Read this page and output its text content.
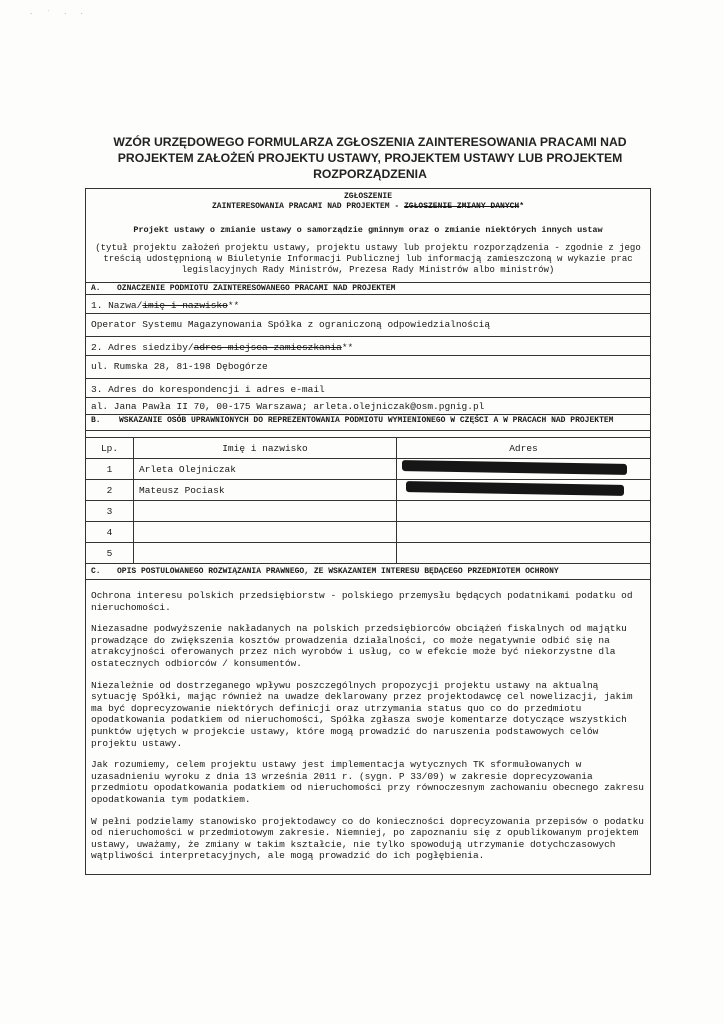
· ˙ · ·
WZÓR URZĘDOWEGO FORMULARZA ZGŁOSZENIA ZAINTERESOWANIA PRACAMI NAD
PROJEKTEM ZAŁOŻEŃ PROJEKTU USTAWY, PROJEKTEM USTAWY LUB PROJEKTEM
ROZPORZĄDZENIA
ZGŁOSZENIE
ZAINTERESOWANIA PRACAMI NAD PROJEKTEM - ZGŁOSZENIE ZMIANY DANYCH*
Projekt ustawy o zmianie ustawy o samorządzie gminnym oraz o zmianie niektórych innych ustaw
(tytuł projektu założeń projektu ustawy, projektu ustawy lub projektu rozporządzenia - zgodnie z jego treścią udostępnioną w Biuletynie Informacji Publicznej lub informacją zamieszczoną w wykazie prac legislacyjnych Rady Ministrów, Prezesa Rady Ministrów albo ministrów)
A. OZNACZENIE PODMIOTU ZAINTERESOWANEGO PRACAMI NAD PROJEKTEM
1. Nazwa/imię i nazwisko**
Operator Systemu Magazynowania Spółka z ograniczoną odpowiedzialnością
2. Adres siedziby/adres miejsca zamieszkania**
ul. Rumska 28, 81-198 Dębogórze
3. Adres do korespondencji i adres e-mail
al. Jana Pawła II 70, 00-175 Warszawa; arleta.olejniczak@osm.pgnig.pl
B.	WSKAZANIE OSÓB UPRAWNIONYCH DO REPREZENTOWANIA PODMIOTU WYMIENIONEGO W CZĘŚCI A W PRACACH NAD PROJEKTEM
Lp.	Imię i nazwisko	Adres
1	Arleta Olejniczak	
2	Mateusz Pociask	
3		
4		
5		
C. OPIS POSTULOWANEGO ROZWIĄZANIA PRAWNEGO, ZE WSKAZANIEM INTERESU BĘDĄCEGO PRZEDMIOTEM OCHRONY

Ochrona interesu polskich przedsiębiorstw - polskiego przemysłu będących podatnikami podatku od nieruchomości.

Niezasadne podwyższenie nakładanych na polskich przedsiębiorców obciążeń fiskalnych od majątku prowadzące do zwiększenia kosztów prowadzenia działalności, co może negatywnie odbić się na atrakcyjności oferowanych przez nich wyrobów i usług, co w efekcie może być niekorzystne dla ostatecznych odbiorców / konsumentów.

Niezależnie od dostrzeganego wpływu poszczególnych propozycji projektu ustawy na aktualną sytuację Spółki, mając również na uwadze deklarowany przez projektodawcę cel nowelizacji, jakim ma być doprecyzowanie niektórych definicji oraz utrzymania status quo co do przedmiotu opodatkowania podatkiem od nieruchomości, Spółka zgłasza swoje komentarze dotyczące wszystkich punktów ujętych w projekcie ustawy, które mogą prowadzić do naruszenia podstawowych celów projektu ustawy.

Jak rozumiemy, celem projektu ustawy jest implementacja wytycznych TK sformułowanych w uzasadnieniu wyroku z dnia 13 września 2011 r. (sygn. P 33/09) w zakresie doprecyzowania przedmiotu opodatkowania podatkiem od nieruchomości przy równoczesnym zachowaniu obecnego zakresu opodatkowania tym podatkiem.

W pełni podzielamy stanowisko projektodawcy co do konieczności doprecyzowania przepisów o podatku od nieruchomości w przedmiotowym zakresie. Niemniej, po zapoznaniu się z opublikowanym projektem ustawy, uważamy, że zmiany w takim kształcie, nie tylko spowodują utrzymanie dotychczasowych wątpliwości interpretacyjnych, ale mogą prowadzić do ich pogłębienia.
